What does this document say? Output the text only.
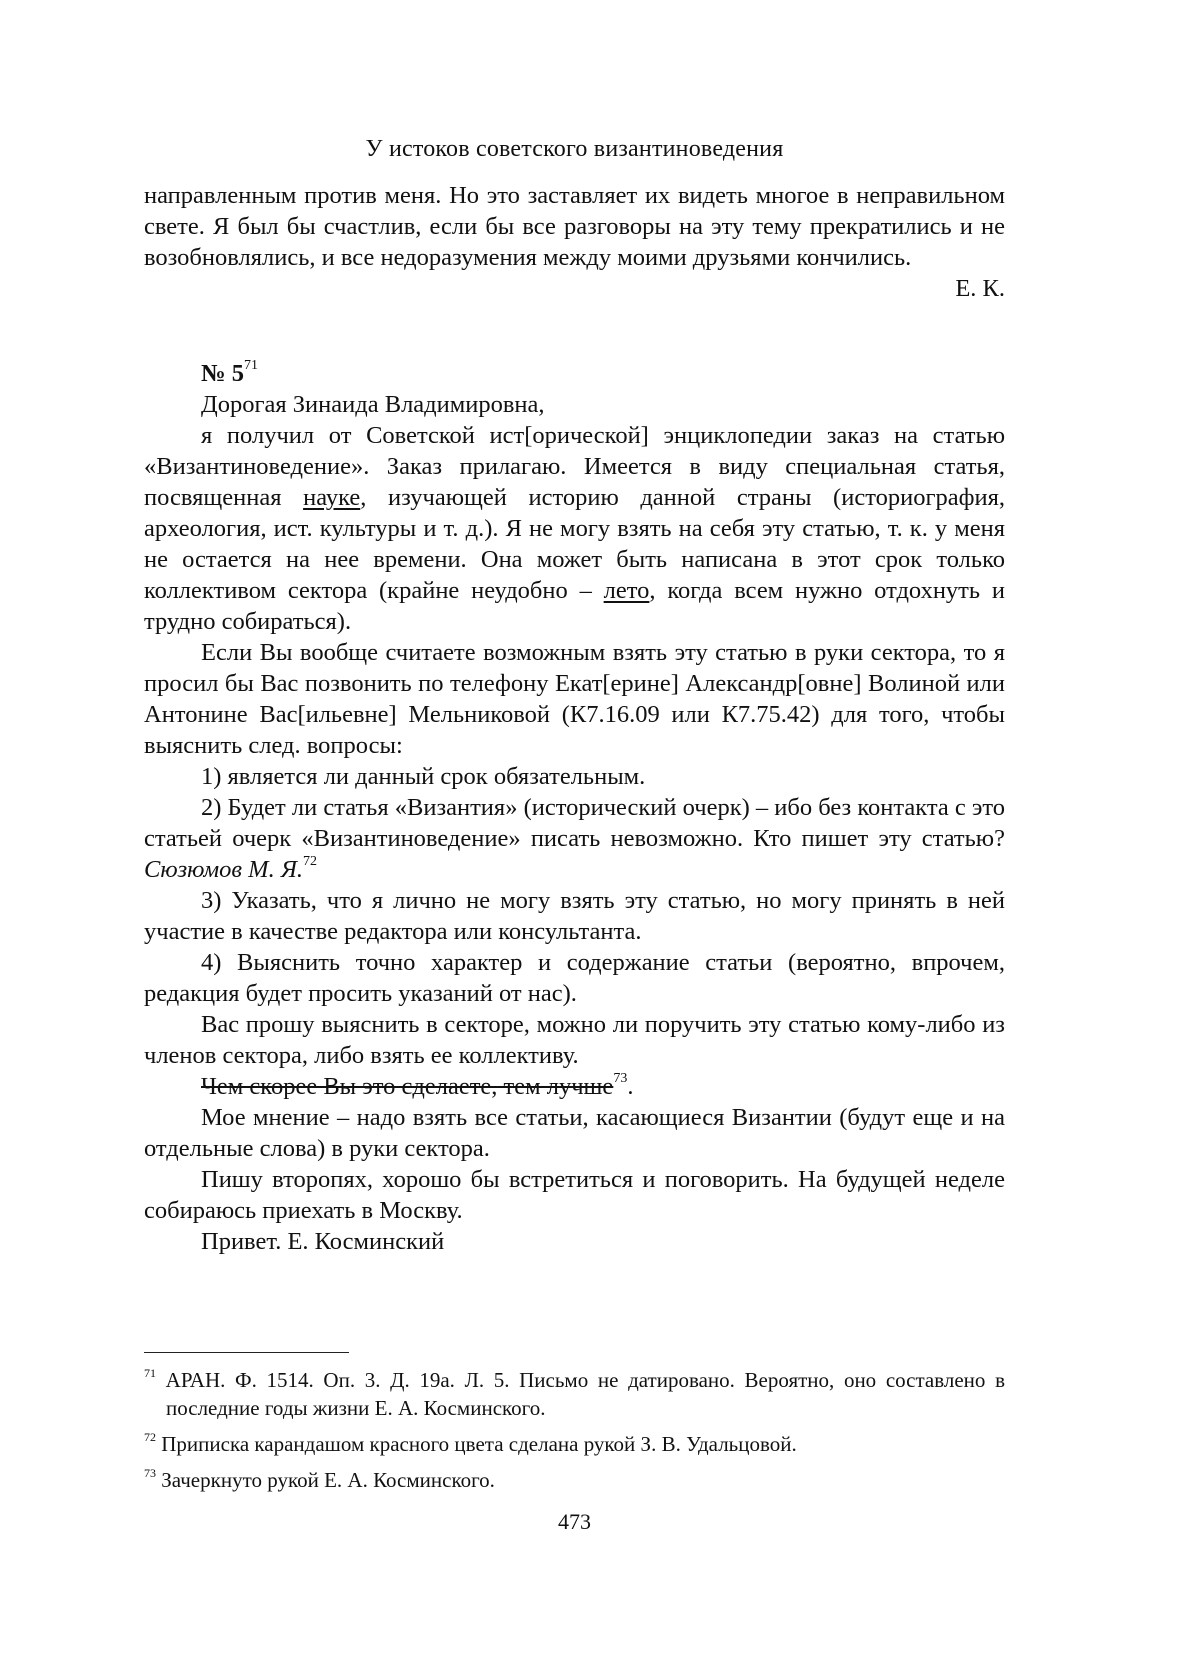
У истоков советского византиноведения

направленным против меня. Но это заставляет их видеть многое в неправильном свете. Я был бы счастлив, если бы все разговоры на эту тему прекратились и не возобновлялись, и все недоразумения между моими друзьями кончились.

Е. К.

№ $5^{71}$

Дорогая Зинаида Владимировна,

я получил от Советской ист[орической] энциклопедии заказ на статью «Византиноведение». Заказ прилагаю. Имеется в виду специальная статья, посвященная науке, изучающей историю данной страны (историография, археология, ист. культуры и т. д.). Я не могу взять на себя эту статью, т. к. у меня не остается на нее времени. Она может быть написана в этот срок только коллективом сектора (крайне неудобно – лето, когда всем нужно отдохнуть и трудно собираться).

Если Вы вообще считаете возможным взять эту статью в руки сектора, то я просил бы Вас позвонить по телефону Екат[ерине] Александр[овне] Волиной или Антонине Вас[ильевне] Мельниковой (К7.16.09 или К7.75.42) для того, чтобы выяснить след. вопросы:

1) является ли данный срок обязательным.

2) Будет ли статья «Византия» (исторический очерк) – ибо без контакта с это статьей очерк «Византиноведение» писать невозможно. Кто пишет эту статью? Сюзюмов М. Я.$^{72}$

3) Указать, что я лично не могу взять эту статью, но могу принять в ней участие в качестве редактора или консультанта.

4) Выяснить точно характер и содержание статьи (вероятно, впрочем, редакция будет просить указаний от нас).

Вас прошу выяснить в секторе, можно ли поручить эту статью кому-либо из членов сектора, либо взять ее коллективу.

Чем скорее Вы это сделаете, тем лучше$^{73}$.

Мое мнение – надо взять все статьи, касающиеся Византии (будут еще и на отдельные слова) в руки сектора.

Пишу второпях, хорошо бы встретиться и поговорить. На будущей неделе собираюсь приехать в Москву.

Привет. Е. Косминский

$^{71}$ АРАН. Ф. 1514. Оп. 3. Д. 19а. Л. 5. Письмо не датировано. Вероятно, оно составлено в последние годы жизни Е. А. Косминского.

$^{72}$ Приписка карандашом красного цвета сделана рукой З. В. Удальцовой.

$^{73}$ Зачеркнуто рукой Е. А. Косминского.

473
